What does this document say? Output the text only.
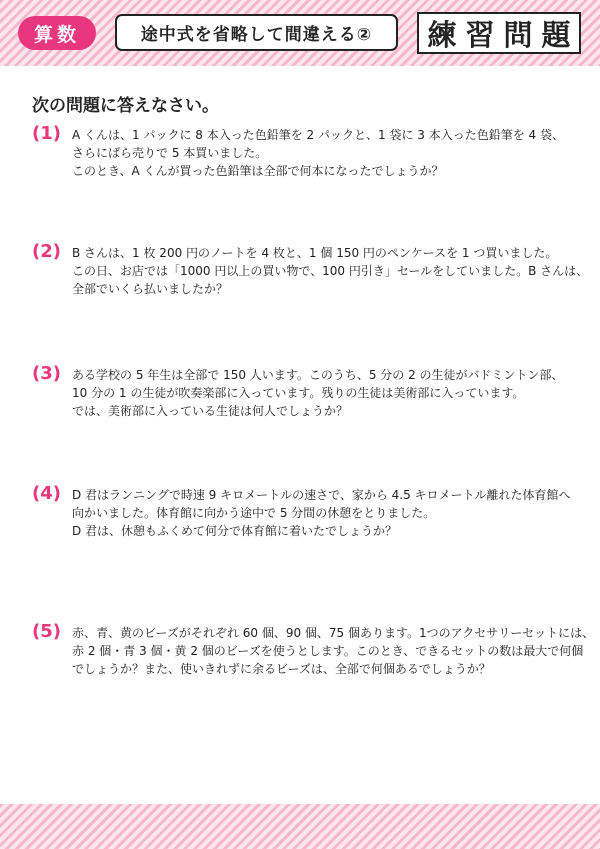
算数	途中式を省略して間違える②	練 習 問 題
次の問題に答えなさい。
(1) A くんは、1 パックに 8 本入った色鉛筆を 2 パックと、1 袋に 3 本入った色鉛筆を 4 袋、
さらにばら売りで 5 本買いました。
このとき、A くんが買った色鉛筆は全部で何本になったでしょうか？
(2) B さんは、1 枚 200 円のノートを 4 枚と、1 個 150 円のペンケースを 1 つ買いました。
この日、お店では「1000 円以上の買い物で、100 円引き」セールをしていました。B さんは、
全部でいくら払いましたか？
(3) ある学校の 5 年生は全部で 150 人います。このうち、5 分の 2 の生徒がバドミントン部、
10 分の 1 の生徒が吹奏楽部に入っています。残りの生徒は美術部に入っています。
では、美術部に入っている生徒は何人でしょうか？
(4) D 君はランニングで時速 9 キロメートルの速さで、家から 4.5 キロメートル離れた体育館へ
向かいました。体育館に向かう途中で 5 分間の休憩をとりました。
D 君は、休憩もふくめて何分で体育館に着いたでしょうか？
(5) 赤、青、黄のビーズがそれぞれ 60 個、90 個、75 個あります。1つのアクセサリーセットには、
赤 2 個・青 3 個・黄 2 個のビーズを使うとします。このとき、できるセットの数は最大で何個
でしょうか？また、使いきれずに余るビーズは、全部で何個あるでしょうか？
